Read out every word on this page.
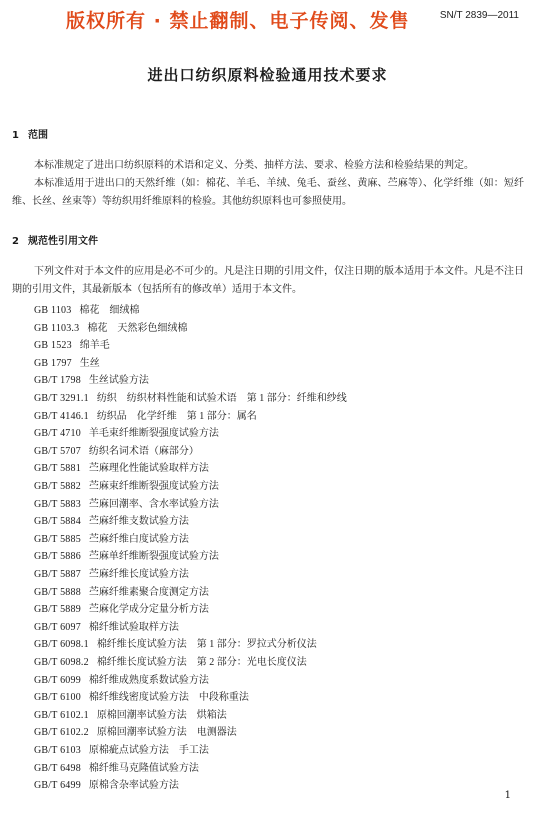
版权所有 · 禁止翻制、电子传阅、发售	SN/T 2839—2011
进出口纺织原料检验通用技术要求
1 范围
本标准规定了进出口纺织原料的术语和定义、分类、抽样方法、要求、检验方法和检验结果的判定。
本标准适用于进出口的天然纤维（如：棉花、羊毛、羊绒、兔毛、蚕丝、黄麻、苎麻等）、化学纤维（如：短纤维、长丝、丝束等）等纺织用纤维原料的检验。其他纺织原料也可参照使用。
2 规范性引用文件
下列文件对于本文件的应用是必不可少的。凡是注日期的引用文件，仅注日期的版本适用于本文件。凡是不注日期的引用文件，其最新版本（包括所有的修改单）适用于本文件。
GB 1103 棉花　细绒棉
GB 1103.3 棉花　天然彩色细绒棉
GB 1523 绵羊毛
GB 1797 生丝
GB/T 1798 生丝试验方法
GB/T 3291.1 纺织　纺织材料性能和试验术语　第 1 部分：纤维和纱线
GB/T 4146.1 纺织品　化学纤维　第 1 部分：属名
GB/T 4710 羊毛束纤维断裂强度试验方法
GB/T 5707 纺织名词术语（麻部分）
GB/T 5881 苎麻理化性能试验取样方法
GB/T 5882 苎麻束纤维断裂强度试验方法
GB/T 5883 苎麻回潮率、含水率试验方法
GB/T 5884 苎麻纤维支数试验方法
GB/T 5885 苎麻纤维白度试验方法
GB/T 5886 苎麻单纤维断裂强度试验方法
GB/T 5887 苎麻纤维长度试验方法
GB/T 5888 苎麻纤维素聚合度测定方法
GB/T 5889 苎麻化学成分定量分析方法
GB/T 6097 棉纤维试验取样方法
GB/T 6098.1 棉纤维长度试验方法　第 1 部分：罗拉式分析仪法
GB/T 6098.2 棉纤维长度试验方法　第 2 部分：光电长度仪法
GB/T 6099 棉纤维成熟度系数试验方法
GB/T 6100 棉纤维线密度试验方法　中段称重法
GB/T 6102.1 原棉回潮率试验方法　烘箱法
GB/T 6102.2 原棉回潮率试验方法　电测器法
GB/T 6103 原棉疵点试验方法　手工法
GB/T 6498 棉纤维马克隆值试验方法
GB/T 6499 原棉含杂率试验方法
1
